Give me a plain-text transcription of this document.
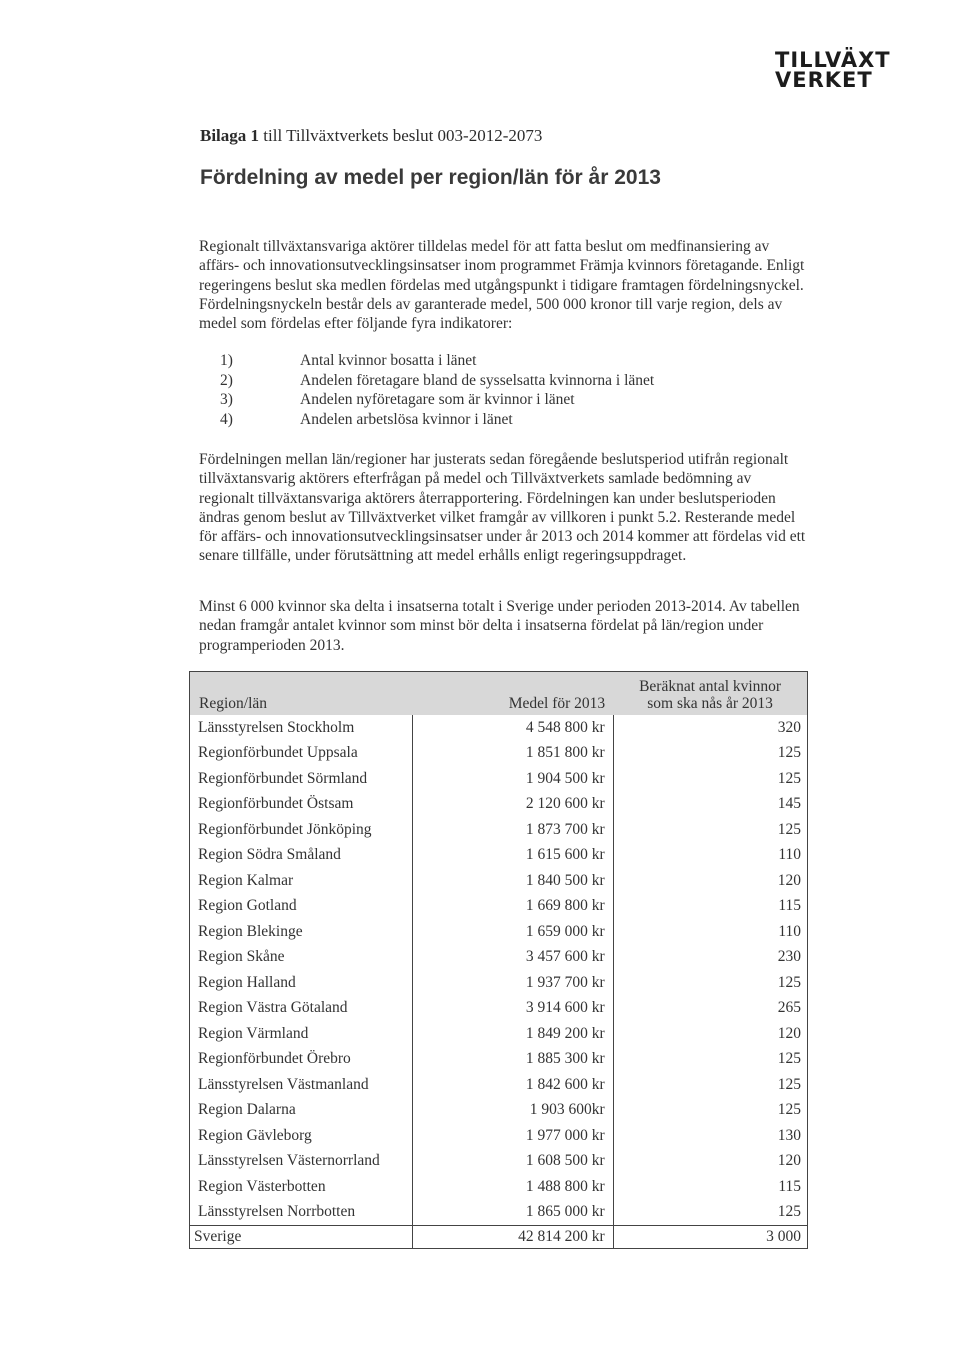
TILLVÄXT
VERKET
Bilaga 1 till Tillväxtverkets beslut 003-2012-2073
Fördelning av medel per region/län för år 2013

Regionalt tillväxtansvariga aktörer tilldelas medel för att fatta beslut om medfinansiering av affärs- och innovationsutvecklingsinsatser inom programmet Främja kvinnors företagande. Enligt regeringens beslut ska medlen fördelas med utgångspunkt i tidigare framtagen fördelningsnyckel. Fördelningsnyckeln består dels av garanterade medel, 500 000 kronor till varje region, dels av medel som fördelas efter följande fyra indikatorer:

1)	Antal kvinnor bosatta i länet
2)	Andelen företagare bland de sysselsatta kvinnorna i länet
3)	Andelen nyföretagare som är kvinnor i länet
4)	Andelen arbetslösa kvinnor i länet

Fördelningen mellan län/regioner har justerats sedan föregående beslutsperiod utifrån regionalt tillväxtansvarig aktörers efterfrågan på medel och Tillväxtverkets samlade bedömning av regionalt tillväxtansvariga aktörers återrapportering. Fördelningen kan under beslutsperioden ändras genom beslut av Tillväxtverket vilket framgår av villkoren i punkt 5.2. Resterande medel för affärs- och innovationsutvecklingsinsatser under år 2013 och 2014 kommer att fördelas vid ett senare tillfälle, under förutsättning att medel erhålls enligt regeringsuppdraget.

Minst 6 000 kvinnor ska delta i insatserna totalt i Sverige under perioden 2013-2014. Av tabellen nedan framgår antalet kvinnor som minst bör delta i insatserna fördelat på län/region under programperioden 2013.

Region/län	Medel för 2013	Beräknat antal kvinnor
som ska nås år 2013

Länsstyrelsen Stockholm	4 548 800 kr	320
Regionförbundet Uppsala	1 851 800 kr	125
Regionförbundet Sörmland	1 904 500 kr	125
Regionförbundet Östsam	2 120 600 kr	145
Regionförbundet Jönköping	1 873 700 kr	125
Region Södra Småland	1 615 600 kr	110
Region Kalmar	1 840 500 kr	120
Region Gotland	1 669 800 kr	115
Region Blekinge	1 659 000 kr	110
Region Skåne	3 457 600 kr	230
Region Halland	1 937 700 kr	125
Region Västra Götaland	3 914 600 kr	265
Region Värmland	1 849 200 kr	120
Regionförbundet Örebro	1 885 300 kr	125
Länsstyrelsen Västmanland	1 842 600 kr	125
Region Dalarna	1 903 600kr	125
Region Gävleborg	1 977 000 kr	130
Länsstyrelsen Västernorrland	1 608 500 kr	120
Region Västerbotten	1 488 800 kr	115
Länsstyrelsen Norrbotten	1 865 000 kr	125
Sverige	42 814 200 kr	3 000
